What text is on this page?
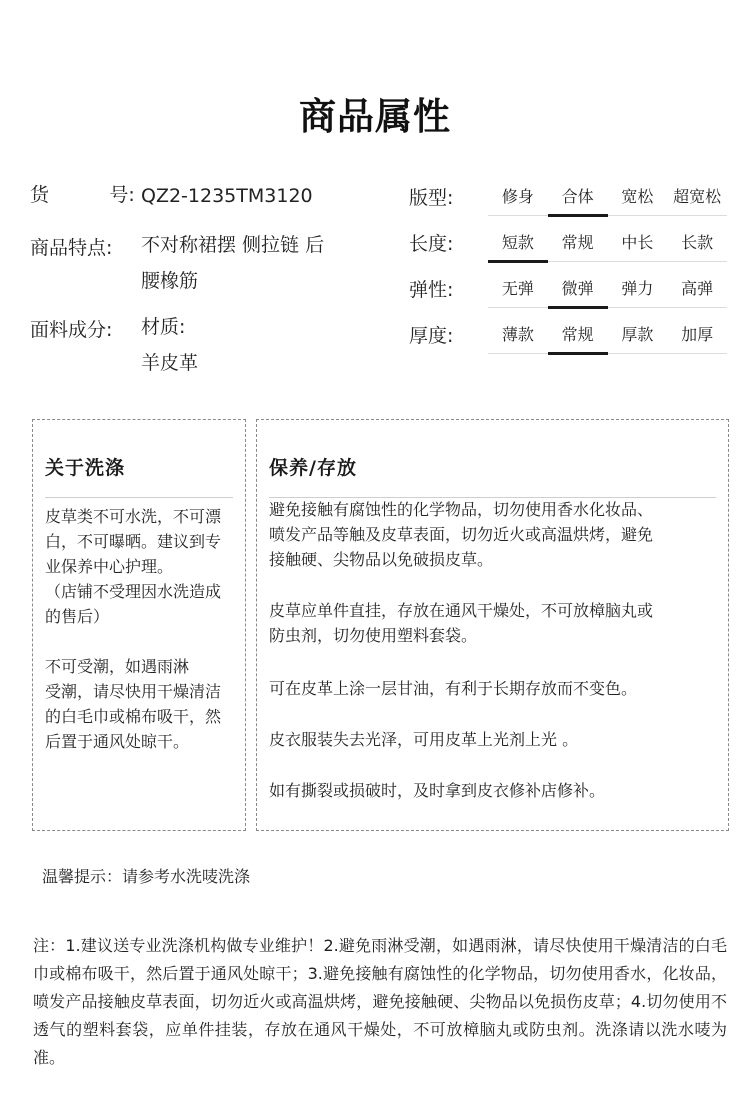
商品属性
货          号: QZ2-1235TM3120
商品特点: 不对称裙摆 侧拉链 后
腰橡筋
面料成分: 材质:
羊皮革
版型:	修身	合体	宽松	超宽松
长度:	短款	常规	中长	长款
弹性:	无弹	微弹	弹力	高弹
厚度:	薄款	常规	厚款	加厚
关于洗涤
皮草类不可水洗，不可漂
白，不可曝晒。建议到专
业保养中心护理。
（店铺不受理因水洗造成
的售后）
不可受潮，如遇雨淋
受潮，请尽快用干燥清洁
的白毛巾或棉布吸干，然
后置于通风处晾干。
保养/存放
避免接触有腐蚀性的化学物品，切勿使用香水化妆品、
喷发产品等触及皮草表面，切勿近火或高温烘烤，避免
接触硬、尖物品以免破损皮草。
皮草应单件直挂，存放在通风干燥处，不可放樟脑丸或
防虫剂，切勿使用塑料套袋。
可在皮革上涂一层甘油，有利于长期存放而不变色。
皮衣服装失去光泽，可用皮革上光剂上光 。
如有撕裂或损破时，及时拿到皮衣修补店修补。
温馨提示：请参考水洗唛洗涤
注：1.建议送专业洗涤机构做专业维护！2.避免雨淋受潮，如遇雨淋，请尽快使用干燥清洁的白毛巾或棉布吸干，然后置于通风处晾干；3.避免接触有腐蚀性的化学物品，切勿使用香水，化妆品，喷发产品接触皮草表面，切勿近火或高温烘烤，避免接触硬、尖物品以免损伤皮草；4.切勿使用不透气的塑料套袋，应单件挂装，存放在通风干燥处，不可放樟脑丸或防虫剂。洗涤请以洗水唛为准。
